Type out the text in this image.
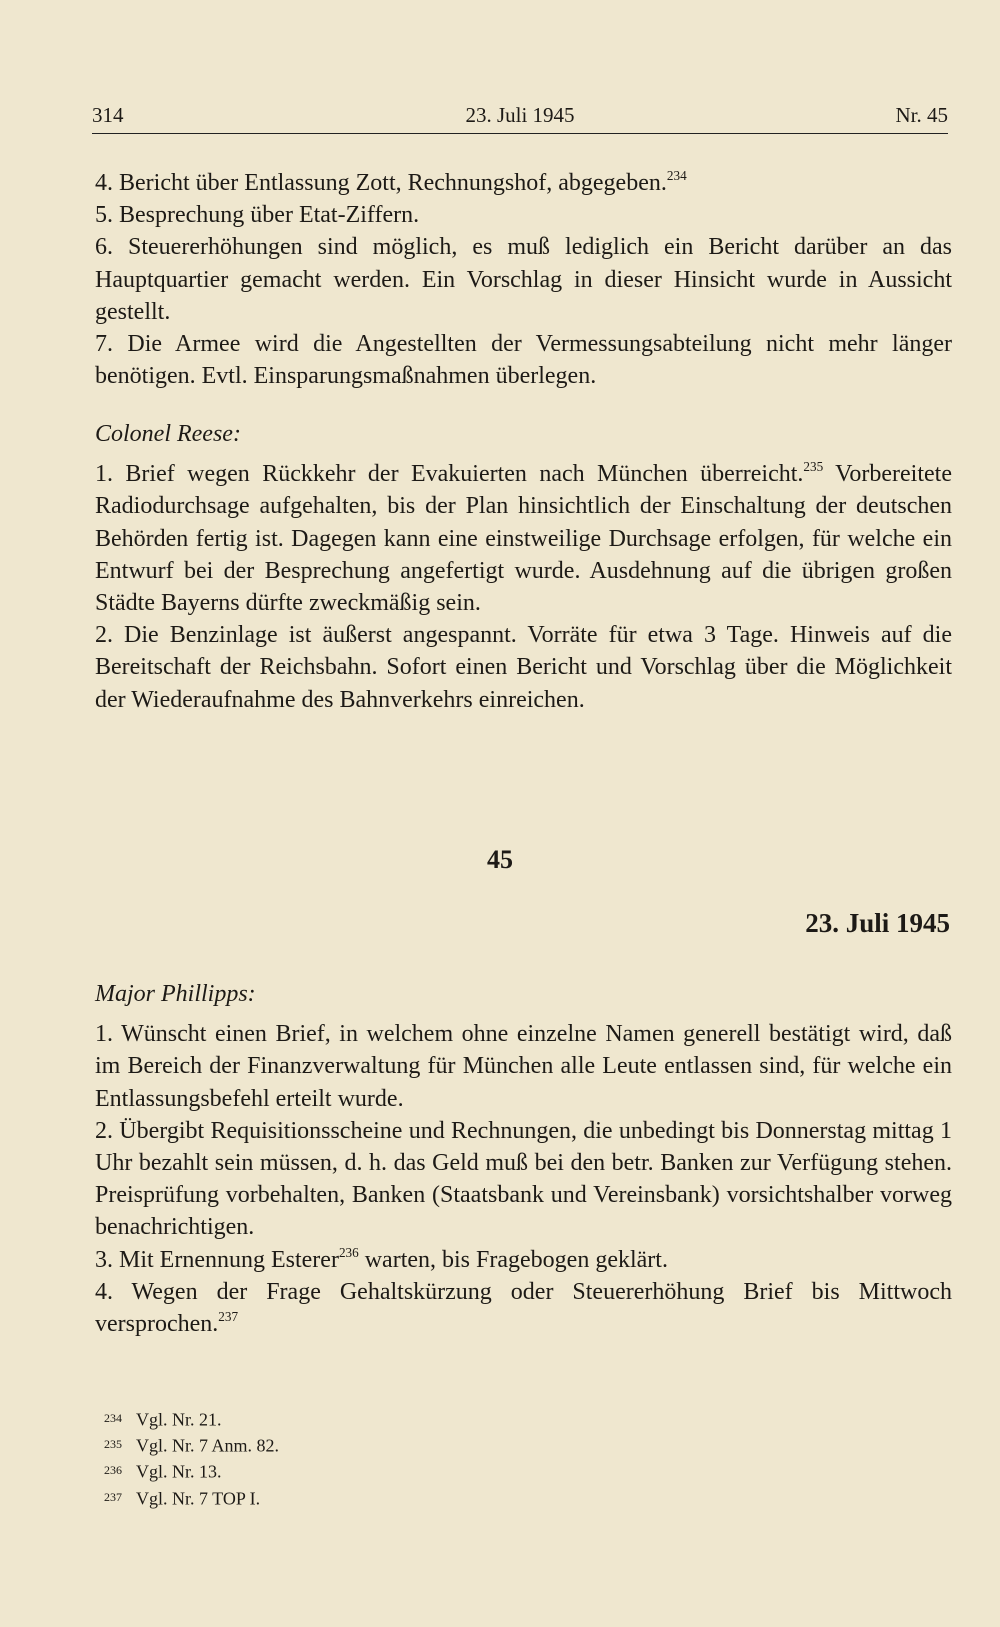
314	23. Juli 1945	Nr. 45

4. Bericht über Entlassung Zott, Rechnungshof, abgegeben.$^{234}$

5. Besprechung über Etat-Ziffern.

6. Steuererhöhungen sind möglich, es muß lediglich ein Bericht darüber an das Hauptquartier gemacht werden. Ein Vorschlag in dieser Hinsicht wurde in Aussicht gestellt.

7. Die Armee wird die Angestellten der Vermessungsabteilung nicht mehr länger benötigen. Evtl. Einsparungsmaßnahmen überlegen.

Colonel Reese:

1. Brief wegen Rückkehr der Evakuierten nach München überreicht.$^{235}$ Vorbereitete Radiodurchsage aufgehalten, bis der Plan hinsichtlich der Einschaltung der deutschen Behörden fertig ist. Dagegen kann eine einstweilige Durchsage erfolgen, für welche ein Entwurf bei der Besprechung angefertigt wurde. Ausdehnung auf die übrigen großen Städte Bayerns dürfte zweckmäßig sein.

2. Die Benzinlage ist äußerst angespannt. Vorräte für etwa 3 Tage. Hinweis auf die Bereitschaft der Reichsbahn. Sofort einen Bericht und Vorschlag über die Möglichkeit der Wiederaufnahme des Bahnverkehrs einreichen.

45
23. Juli 1945

Major Phillipps:

1. Wünscht einen Brief, in welchem ohne einzelne Namen generell bestätigt wird, daß im Bereich der Finanzverwaltung für München alle Leute entlassen sind, für welche ein Entlassungsbefehl erteilt wurde.

2. Übergibt Requisitionsscheine und Rechnungen, die unbedingt bis Donnerstag mittag 1 Uhr bezahlt sein müssen, d. h. das Geld muß bei den betr. Banken zur Verfügung stehen. Preisprüfung vorbehalten, Banken (Staatsbank und Vereinsbank) vorsichtshalber vorweg benachrichtigen.

3. Mit Ernennung Esterer$^{236}$ warten, bis Fragebogen geklärt.

4. Wegen der Frage Gehaltskürzung oder Steuererhöhung Brief bis Mittwoch versprochen.$^{237}$

234 Vgl. Nr. 21.
235 Vgl. Nr. 7 Anm. 82.
236 Vgl. Nr. 13.
237 Vgl. Nr. 7 TOP I.
